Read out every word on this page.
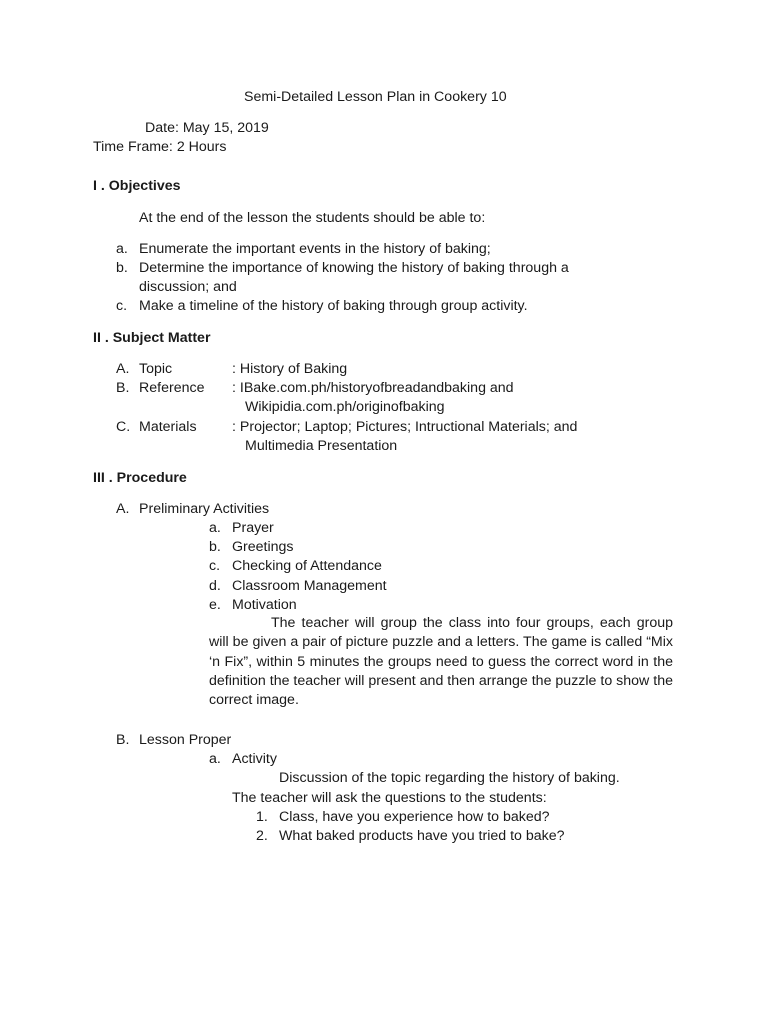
Semi-Detailed Lesson Plan in Cookery 10
Date: May 15, 2019
Time Frame: 2 Hours
I . Objectives
At the end of the lesson the students should be able to:
a. Enumerate the important events in the history of baking;
b. Determine the importance of knowing the history of baking through a
discussion; and
c. Make a timeline of the history of baking through group activity.
II . Subject Matter
A. Topic	: History of Baking
B. Reference : IBake.com.ph/historyofbreadandbaking and
Wikipidia.com.ph/originofbaking
C. Materials : Projector; Laptop; Pictures; Intructional Materials; and
Multimedia Presentation
III . Procedure
A. Preliminary Activities
a. Prayer
b. Greetings
c. Checking of Attendance
d. Classroom Management
e. Motivation
The teacher will group the class into four groups, each group will be given a pair of picture puzzle and a letters. The game is called “Mix ‘n Fix”, within 5 minutes the groups need to guess the correct word in the definition the teacher will present and then arrange the puzzle to show the correct image.
B. Lesson Proper
a. Activity
Discussion of the topic regarding the history of baking.
The teacher will ask the questions to the students:
1. Class, have you experience how to baked?
2. What baked products have you tried to bake?
